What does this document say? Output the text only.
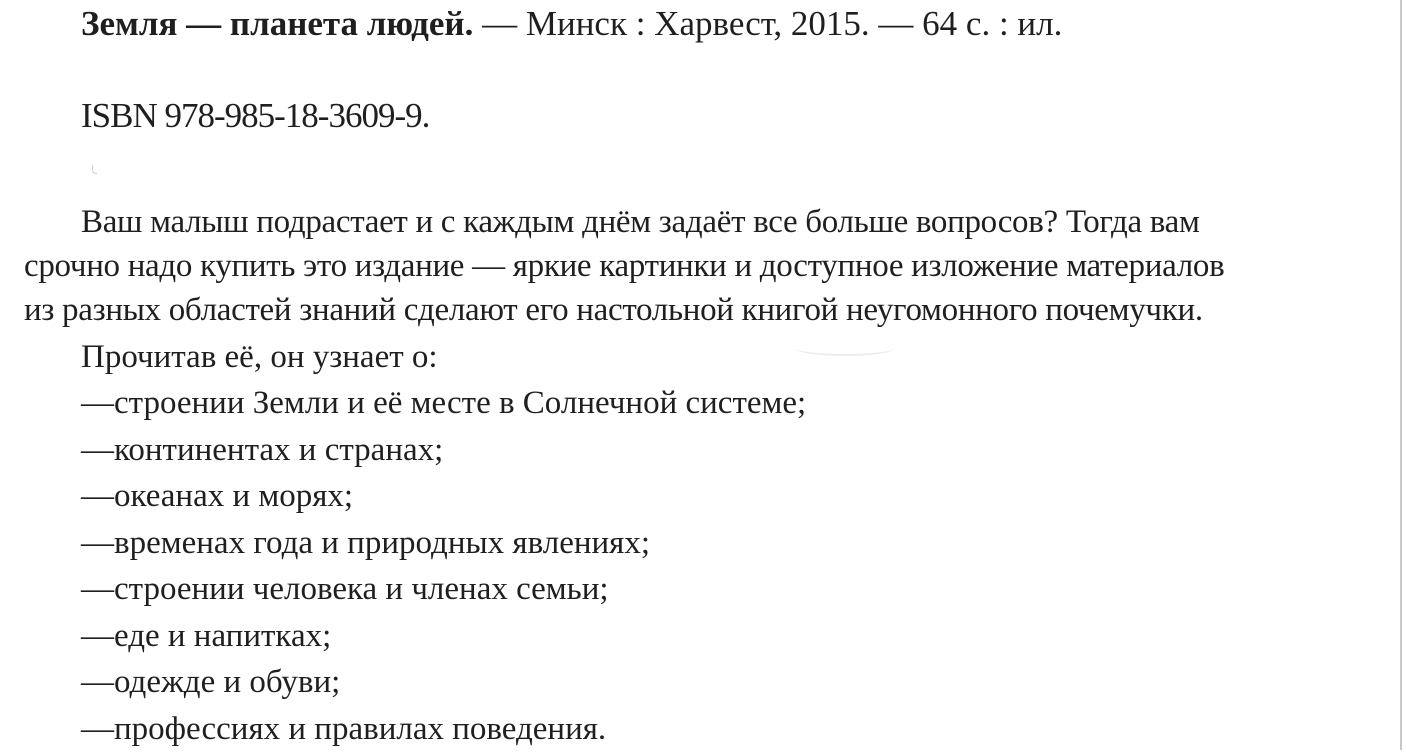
Земля — планета людей. — Минск : Харвест, 2015. — 64 с. : ил.
ISBN 978-985-18-3609-9.
Ваш малыш подрастает и с каждым днём задаёт все больше вопросов? Тогда вам
срочно надо купить это издание — яркие картинки и доступное изложение материалов
из разных областей знаний сделают его настольной книгой неугомонного почемучки.
Прочитав её, он узнает о:
—строении Земли и её месте в Солнечной системе;
—континентах и странах;
—океанах и морях;
—временах года и природных явлениях;
—строении человека и членах семьи;
—еде и напитках;
—одежде и обуви;
—профессиях и правилах поведения.
